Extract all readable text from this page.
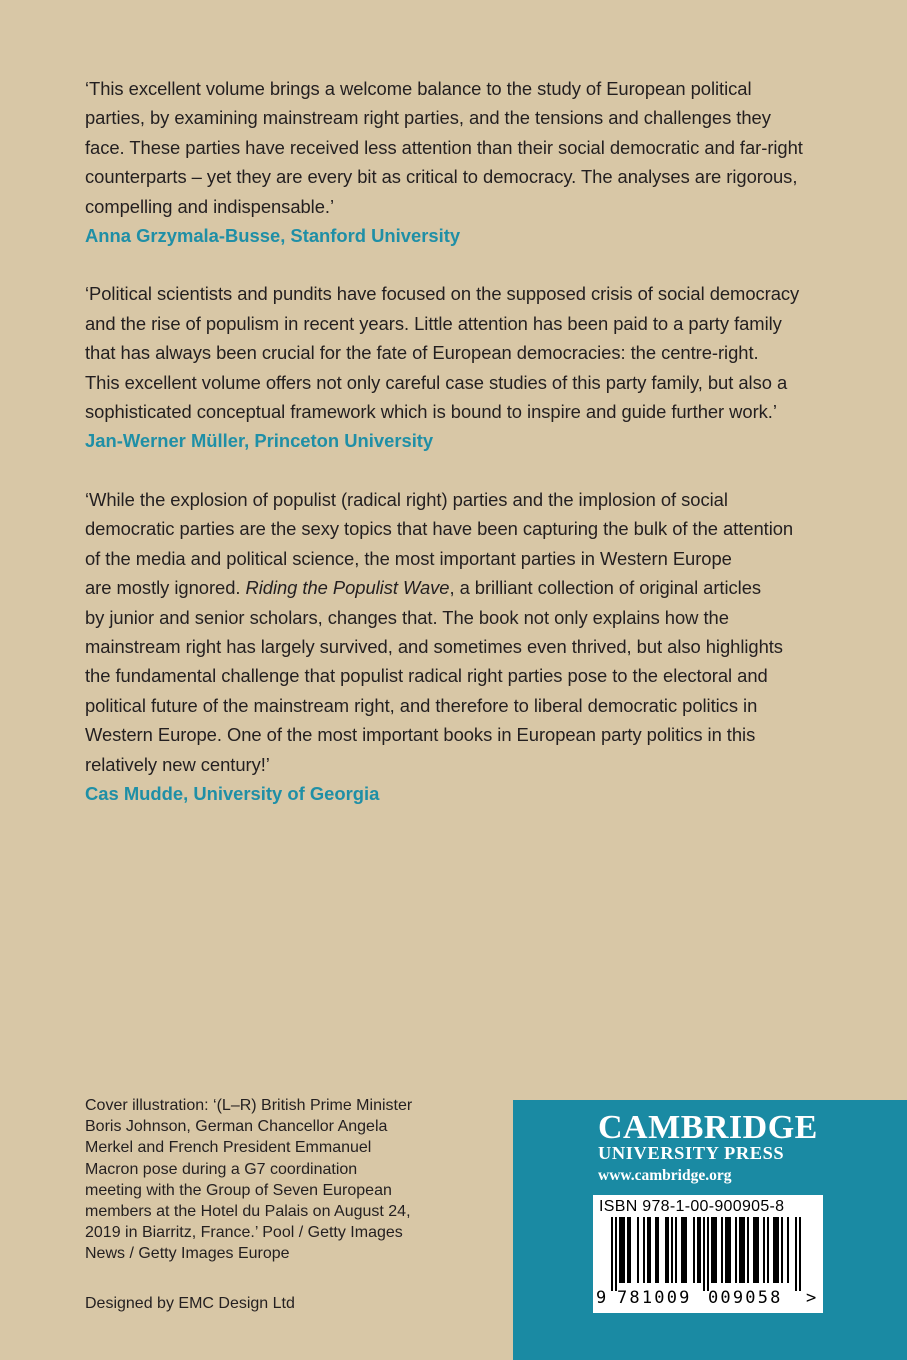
‘This excellent volume brings a welcome balance to the study of European political

parties, by examining mainstream right parties, and the tensions and challenges they

face. These parties have received less attention than their social democratic and far-right

counterparts – yet they are every bit as critical to democracy. The analyses are rigorous,

compelling and indispensable.’

Anna Grzymala-Busse, Stanford University

‘Political scientists and pundits have focused on the supposed crisis of social democracy

and the rise of populism in recent years. Little attention has been paid to a party family

that has always been crucial for the fate of European democracies: the centre-right.

This excellent volume offers not only careful case studies of this party family, but also a

sophisticated conceptual framework which is bound to inspire and guide further work.’

Jan-Werner Müller, Princeton University

‘While the explosion of populist (radical right) parties and the implosion of social

democratic parties are the sexy topics that have been capturing the bulk of the attention

of the media and political science, the most important parties in Western Europe

are mostly ignored. Riding the Populist Wave, a brilliant collection of original articles

by junior and senior scholars, changes that. The book not only explains how the

mainstream right has largely survived, and sometimes even thrived, but also highlights

the fundamental challenge that populist radical right parties pose to the electoral and

political future of the mainstream right, and therefore to liberal democratic politics in

Western Europe. One of the most important books in European party politics in this

relatively new century!’

Cas Mudde, University of Georgia

Cover illustration: ‘(L–R) British Prime Minister

Boris Johnson, German Chancellor Angela

Merkel and French President Emmanuel

Macron pose during a G7 coordination

meeting with the Group of Seven European

members at the Hotel du Palais on August 24,

2019 in Biarritz, France.’ Pool / Getty Images

News / Getty Images Europe

Designed by EMC Design Ltd
CAMBRIDGE
UNIVERSITY PRESS
www.cambridge.org
ISBN 978-1-00-900905-8
9 781009 009058 >
